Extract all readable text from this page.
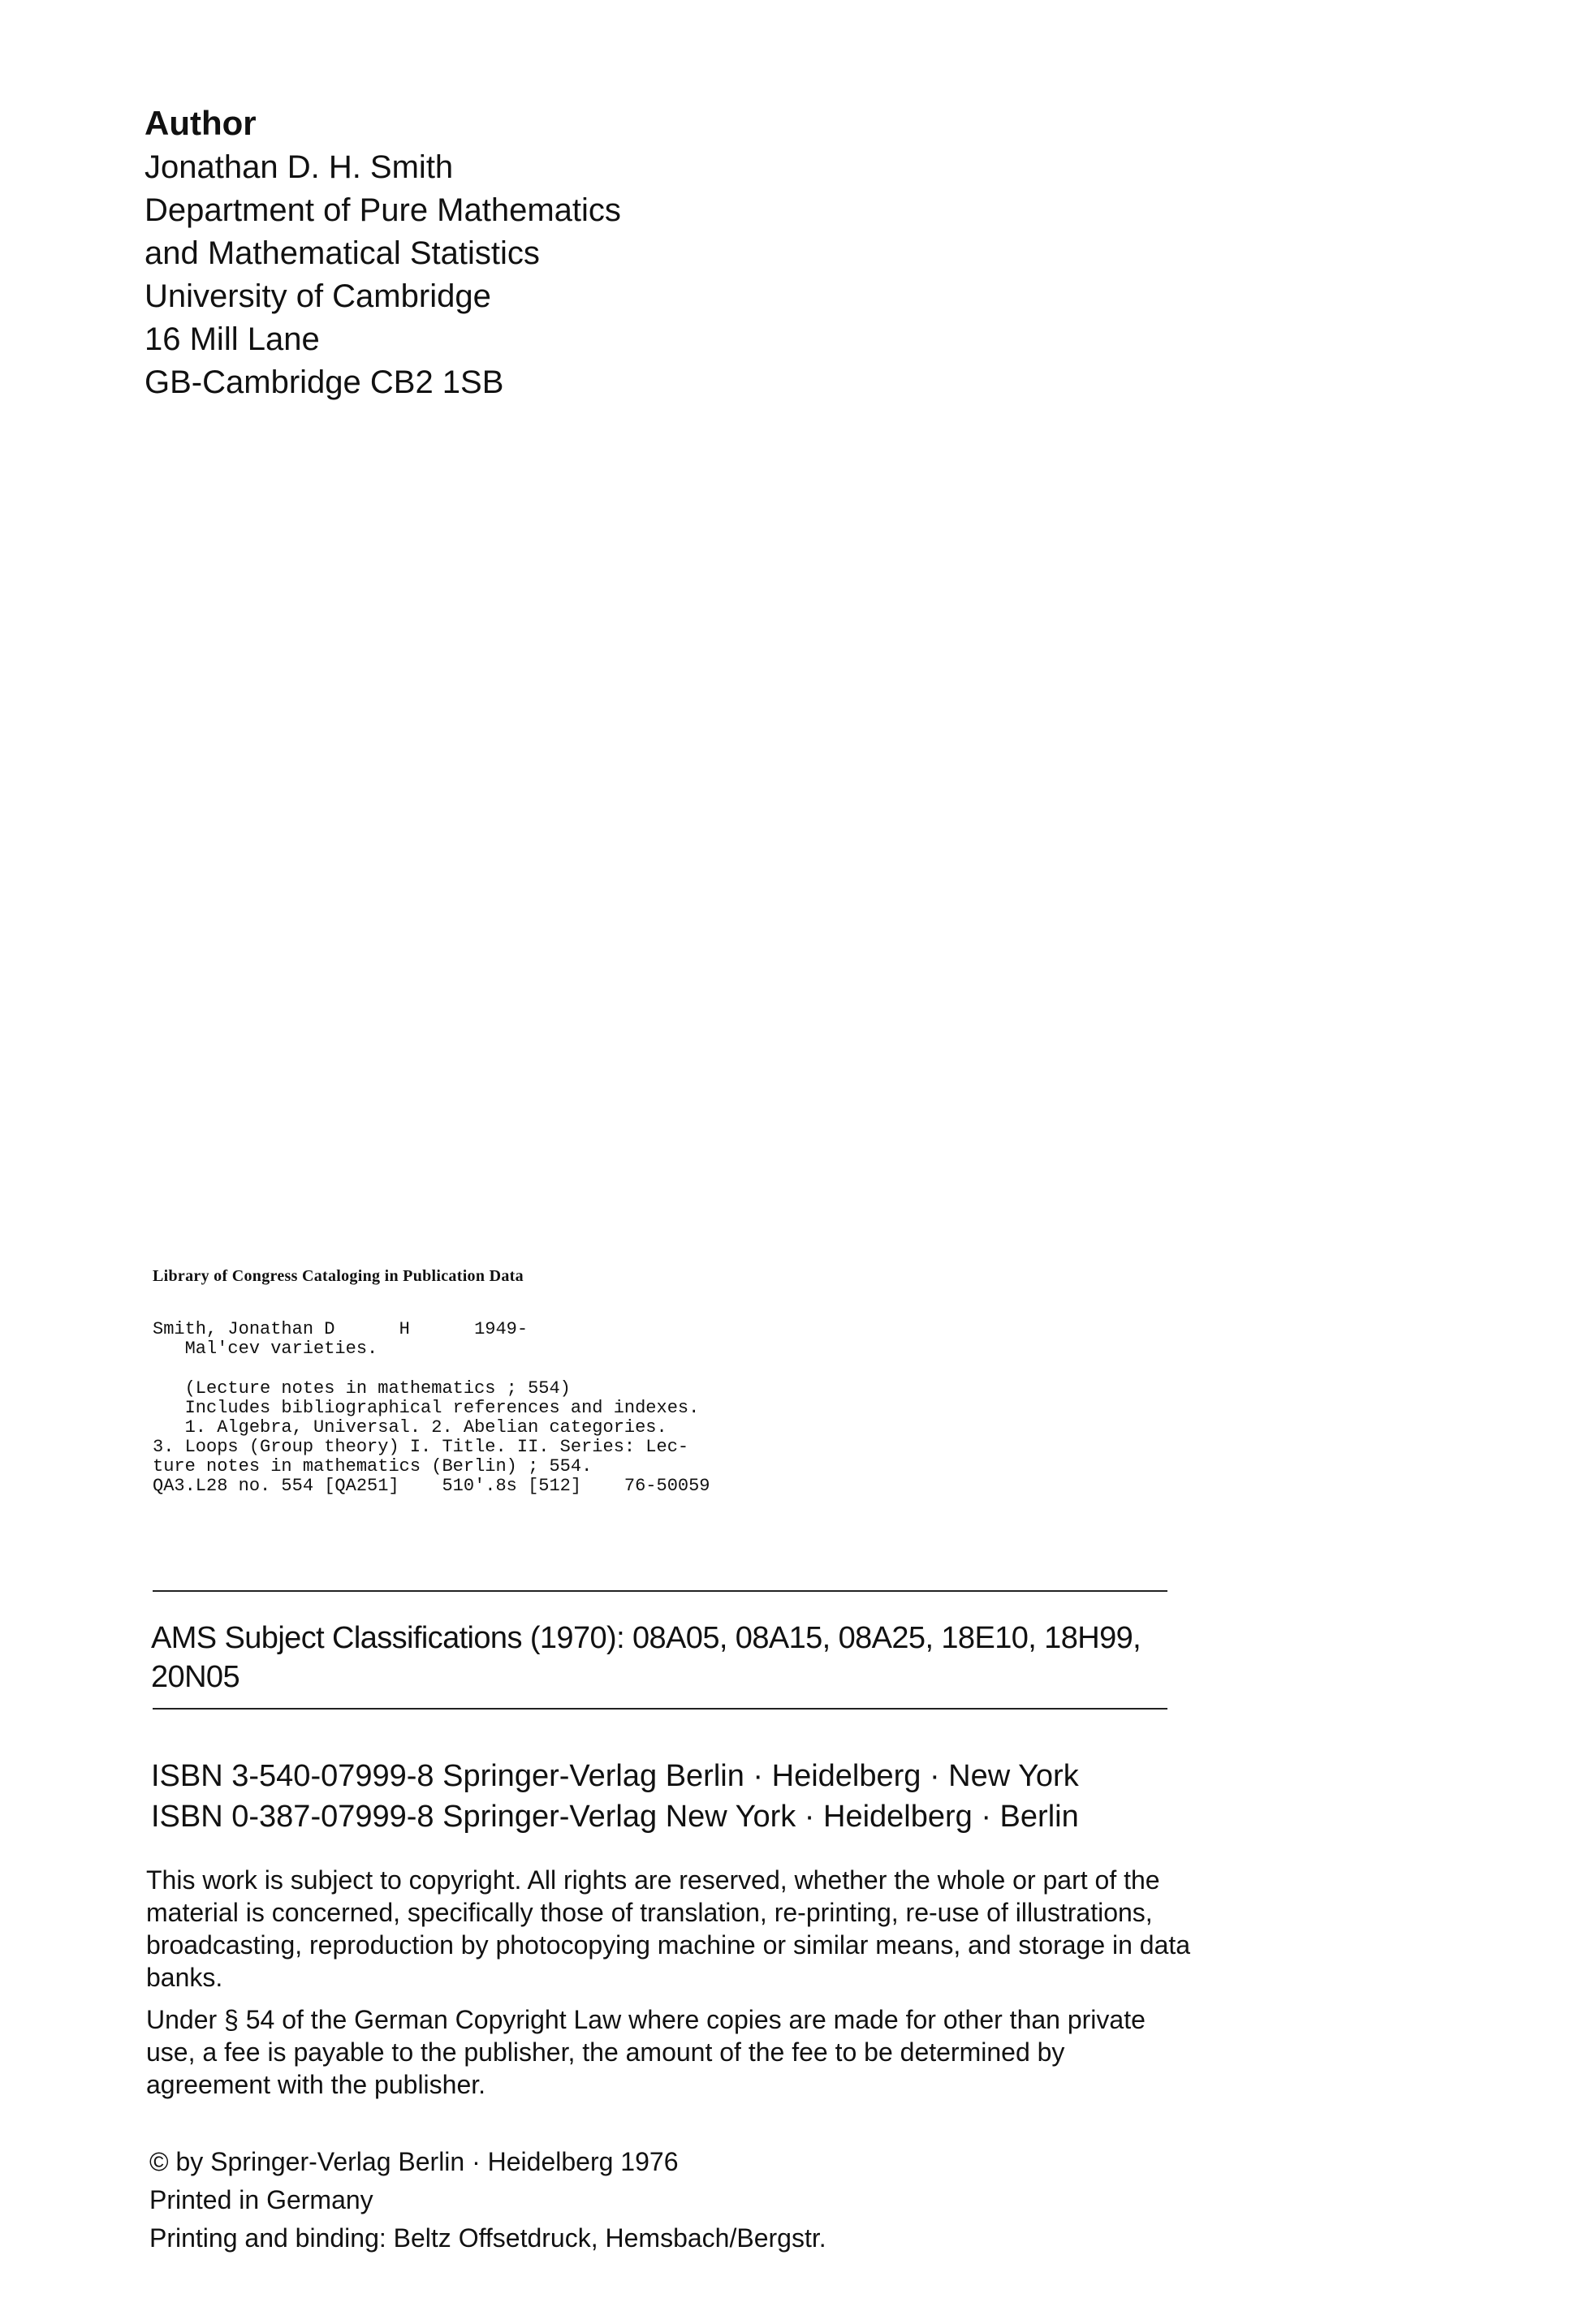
Author

Jonathan D. H. Smith

Department of Pure Mathematics

and Mathematical Statistics

University of Cambridge

16 Mill Lane

GB-Cambridge CB2 1SB

Library of Congress Cataloging in Publication Data

Smith, Jonathan D      H      1949-

Mal'cev varieties.

(Lecture notes in mathematics ; 554)

Includes bibliographical references and indexes.

1. Algebra, Universal. 2. Abelian categories.

3. Loops (Group theory) I. Title. II. Series: Lec-

ture notes in mathematics (Berlin) ; 554.

QA3.L28 no. 554 [QA251]    510'.8s [512]    76-50059

AMS Subject Classifications (1970): 08A05, 08A15, 08A25, 18E10, 18H99, 20N05

ISBN 3-540-07999-8 Springer-Verlag Berlin · Heidelberg · New York

ISBN 0-387-07999-8 Springer-Verlag New York · Heidelberg · Berlin

This work is subject to copyright. All rights are reserved, whether the whole or part of the material is concerned, specifically those of translation, re-printing, re-use of illustrations, broadcasting, reproduction by photocopying machine or similar means, and storage in data banks.

Under § 54 of the German Copyright Law where copies are made for other than private use, a fee is payable to the publisher, the amount of the fee to be determined by agreement with the publisher.

© by Springer-Verlag Berlin · Heidelberg 1976

Printed in Germany

Printing and binding: Beltz Offsetdruck, Hemsbach/Bergstr.
